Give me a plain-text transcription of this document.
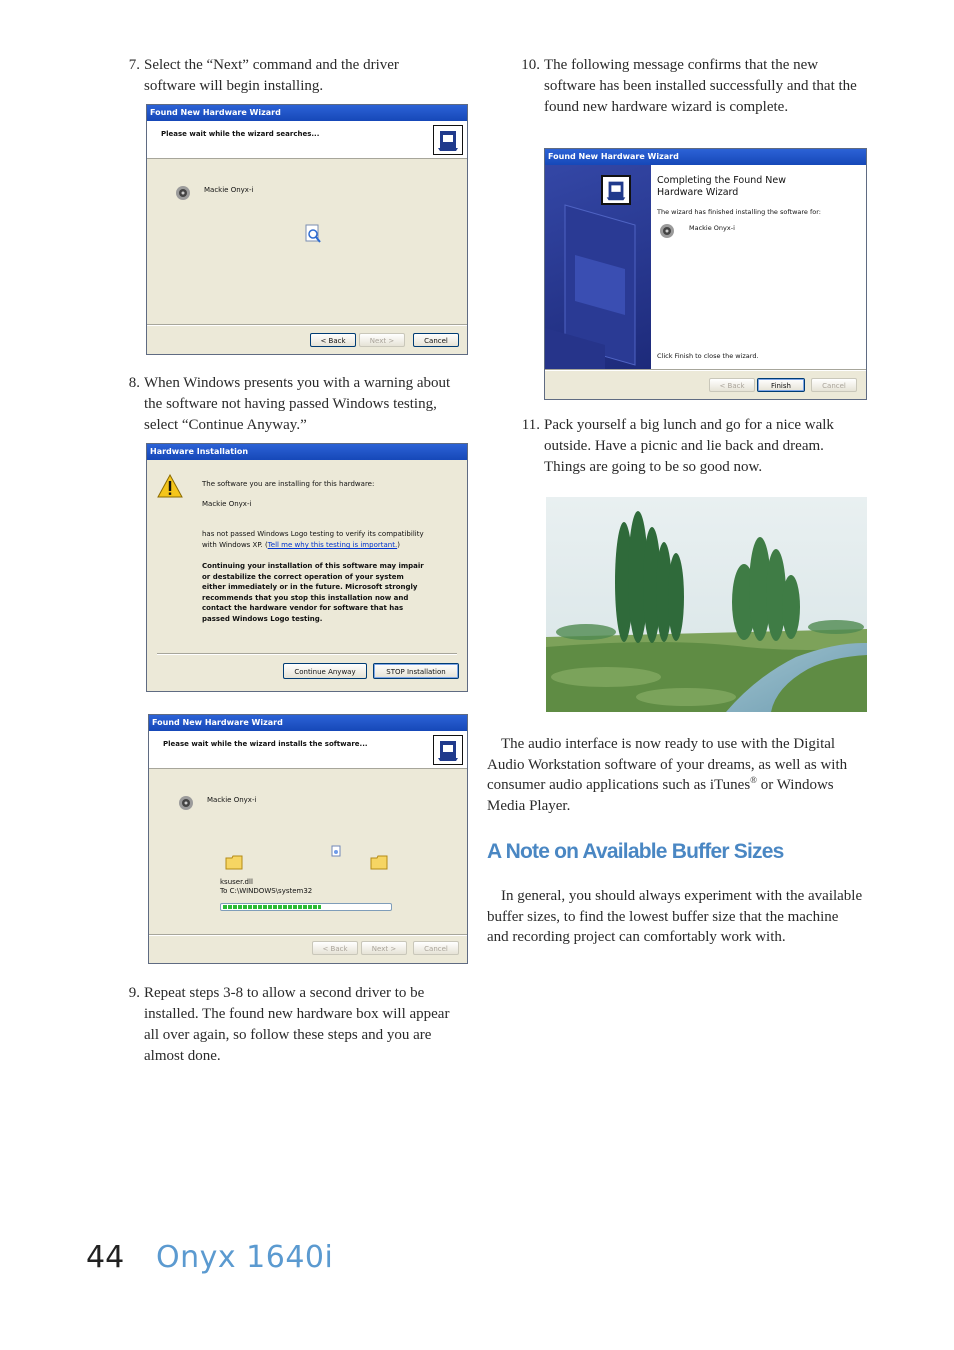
7. Select the “Next” command and the driver software will begin installing.
Found New Hardware Wizard
Please wait while the wizard searches...
Mackie Onyx-i
< Back	Next >	Cancel
8. When Windows presents you with a warning about the software not having passed Windows testing, select “Continue Anyway.”
Hardware Installation
The software you are installing for this hardware:
Mackie Onyx-i
has not passed Windows Logo testing to verify its compatibility
with Windows XP. (Tell me why this testing is important.)
Continuing your installation of this software may impair
or destabilize the correct operation of your system
either immediately or in the future. Microsoft strongly
recommends that you stop this installation now and
contact the hardware vendor for software that has
passed Windows Logo testing.
Continue Anyway	STOP Installation
Found New Hardware Wizard
Please wait while the wizard installs the software...
Mackie Onyx-i
ksuser.dll
To C:\WINDOWS\system32
< Back	Next >	Cancel
9. Repeat steps 3-8 to allow a second driver to be installed. The found new hardware box will appear all over again, so follow these steps and you are almost done.
10. The following message confirms that the new software has been installed successfully and that the found new hardware wizard is complete.
Found New Hardware Wizard
Completing the Found New
Hardware Wizard
The wizard has finished installing the software for:
Mackie Onyx-i
Click Finish to close the wizard.
< Back	Finish	Cancel
11. Pack yourself a big lunch and go for a nice walk outside. Have a picnic and lie back and dream. Things are going to be so good now.
The audio interface is now ready to use with the Digital Audio Workstation software of your dreams, as well as with consumer audio applications such as iTunes® or Windows Media Player.
A Note on Available Buffer Sizes
In general, you should always experiment with the available buffer sizes, to find the lowest buffer size that the machine and recording project can comfortably work with.
44 Onyx 1640i
